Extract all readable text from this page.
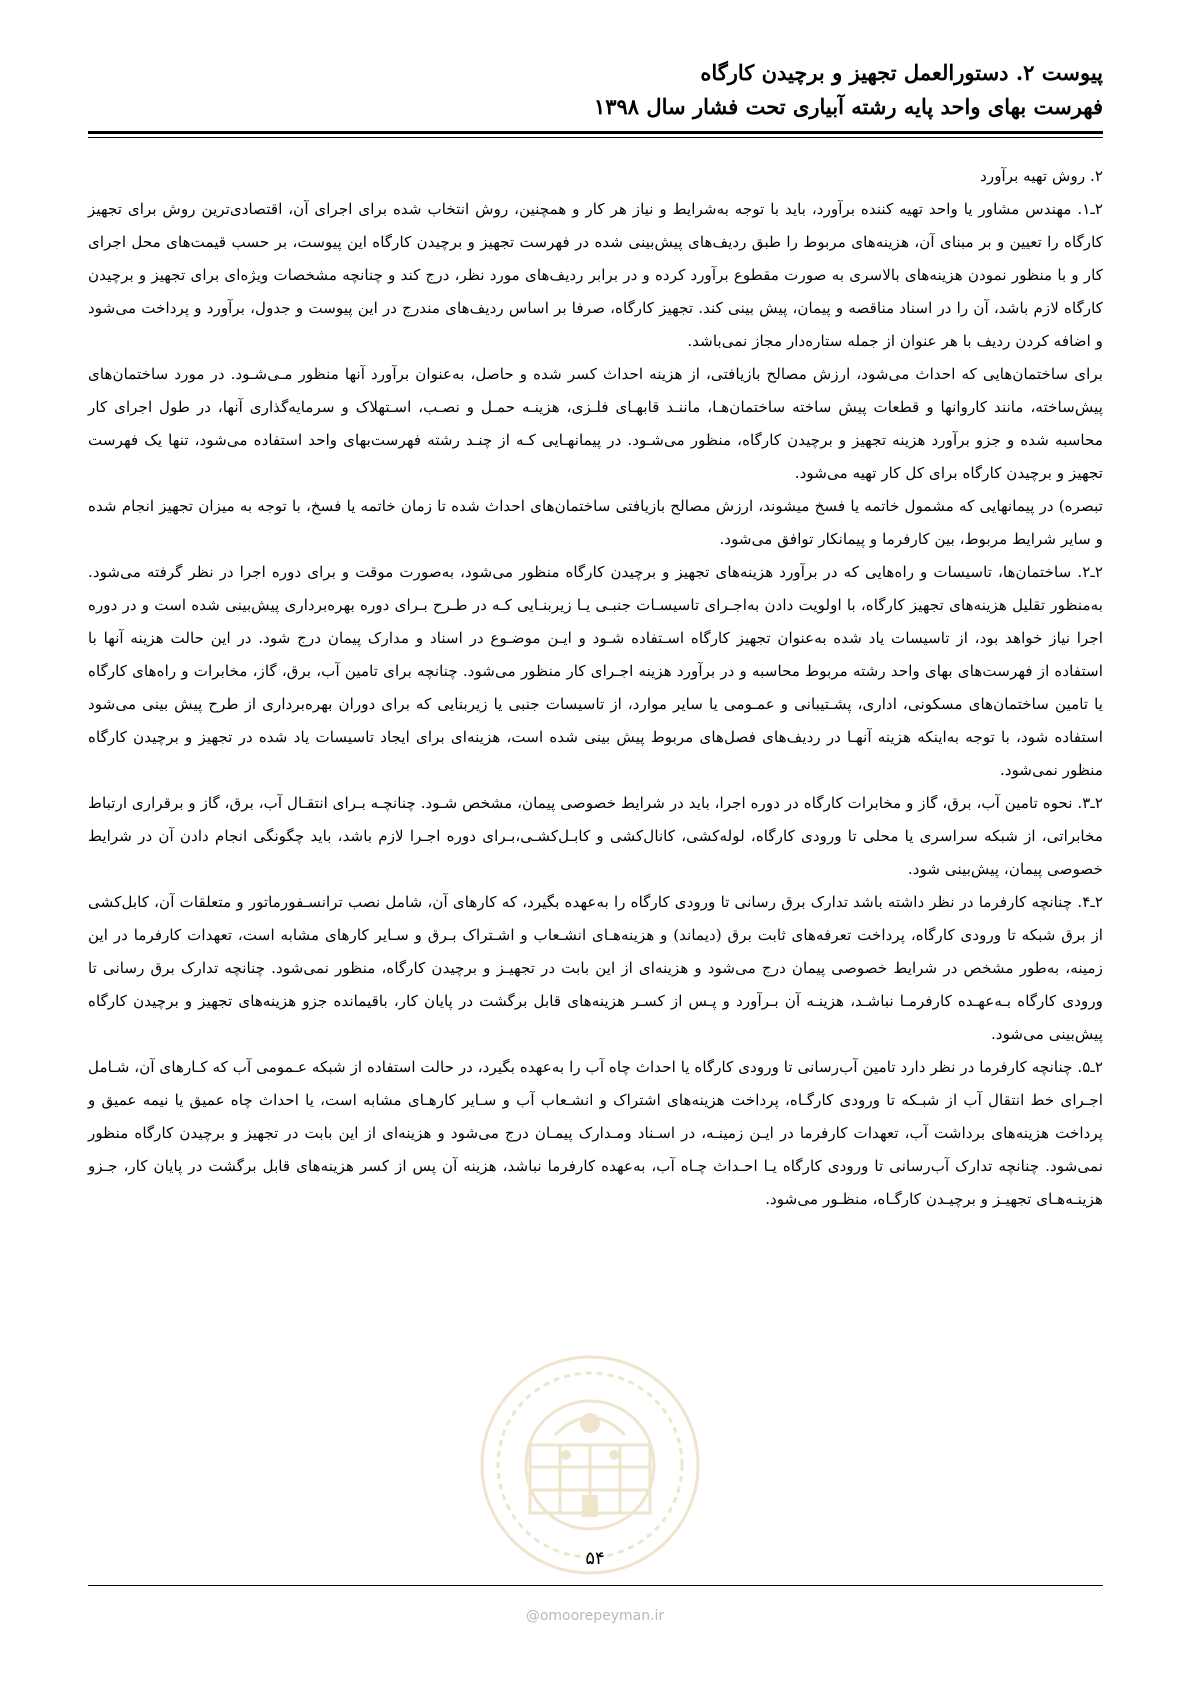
پیوست ۲. دستورالعمل تجهیز و برچیدن کارگاه
فهرست بهای واحد پایه رشته آبیاری تحت فشار سال ۱۳۹۸

۲. روش تهیه برآورد

۲ـ۱. مهندس مشاور یا واحد تهیه کننده برآورد، باید با توجه به‌شرایط و نیاز هر کار و همچنین، روش انتخاب شده برای اجرای آن، اقتصادی‌ترین روش برای تجهیز کارگاه را تعیین و بر مبنای آن، هزینه‌های مربوط را طبق ردیف‌های پیش‌بینی شده در فهرست تجهیز و برچیدن کارگاه این پیوست، بر حسب قیمت‌های محل اجرای کار و با منظور نمودن هزینه‌های بالاسری به صورت مقطوع برآورد کرده و در برابر ردیف‌های مورد نظر، درج کند و چنانچه مشخصات ویژه‌ای برای تجهیز و برچیدن کارگاه لازم باشد، آن را در اسناد مناقصه و پیمان، پیش بینی کند. تجهیز کارگاه، صرفا بر اساس ردیف‌های مندرج در این پیوست و جدول، برآورد و پرداخت می‌شود و اضافه کردن ردیف با هر عنوان از جمله ستاره‌دار مجاز نمی‌باشد.

برای ساختمان‌هایی که احداث می‌شود، ارزش مصالح بازیافتی، از هزینه احداث کسر شده و حاصل، به‌عنوان برآورد آنها منظور مـی‌شـود. در مورد ساختمان‌های پیش‌ساخته، مانند کاروانها و قطعات پیش ساخته ساختمان‌هـا، ماننـد قابهـای فلـزی، هزینـه حمـل و نصـب، اسـتهلاک و سرمایه‌گذاری آنها، در طول اجرای کار محاسبه شده و جزو برآورد هزینه تجهیز و برچیدن کارگاه، منظور می‌شـود. در پیمانهـایی کـه از چنـد رشته فهرست‌بهای واحد استفاده می‌شود، تنها یک فهرست تجهیز و برچیدن کارگاه برای کل کار تهیه می‌شود.

تبصره) در پیمانهایی که مشمول خاتمه یا فسخ میشوند، ارزش مصالح بازیافتی ساختمان‌های احداث شده تا زمان خاتمه یا فسخ، با توجه به میزان تجهیز انجام شده و سایر شرایط مربوط، بین کارفرما و پیمانکار توافق می‌شود.

۲ـ۲. ساختمان‌ها، تاسیسات و راه‌هایی که در برآورد هزینه‌های تجهیز و برچیدن کارگاه منظور می‌شود، به‌صورت موقت و برای دوره اجرا در نظر گرفته می‌شود. به‌منظور تقلیل هزینه‌های تجهیز کارگاه، با اولویت دادن به‌اجـرای تاسیسـات جنبـی یـا زیربنـایی کـه در طـرح بـرای دوره بهره‌برداری پیش‌بینی شده است و در دوره اجرا نیاز خواهد بود، از تاسیسات یاد شده به‌عنوان تجهیز کارگاه اسـتفاده شـود و ایـن موضـوع در اسناد و مدارک پیمان درج شود. در این حالت هزینه آنها با استفاده از فهرست‌های بهای واحد رشته مربوط محاسبه و در برآورد هزینه اجـرای کار منظور می‌شود. چنانچه برای تامین آب، برق، گاز، مخابرات و راه‌های کارگاه یا تامین ساختمان‌های مسکونی، اداری، پشـتیبانی و عمـومی یا سایر موارد، از تاسیسات جنبی یا زیربنایی که برای دوران بهره‌برداری از طرح پیش بینی می‌شود استفاده شود، با توجه به‌اینکه هزینه آنهـا در ردیف‌های فصل‌های مربوط پیش بینی شده است، هزینه‌ای برای ایجاد تاسیسات یاد شده در تجهیز و برچیدن کارگاه منظور نمی‌شود.

۲ـ۳. نحوه تامین آب، برق، گاز و مخابرات کارگاه در دوره اجرا، باید در شرایط خصوصی پیمان، مشخص شـود. چنانچـه بـرای انتقـال آب، برق، گاز و برقراری ارتباط مخابراتی، از شبکه سراسری یا محلی تا ورودی کارگاه، لوله‌کشی، کانال‌کشی و کابـل‌کشـی،بـرای دوره اجـرا لازم باشد، باید چگونگی انجام دادن آن در شرایط خصوصی پیمان، پیش‌بینی شود.

۲ـ۴. چنانچه کارفرما در نظر داشته باشد تدارک برق رسانی تا ورودی کارگاه را به‌عهده بگیرد، که کارهای آن، شامل نصب ترانسـفورماتور و متعلقات آن، کابل‌کشی از برق شبکه تا ورودی کارگاه، پرداخت تعرفه‌های ثابت برق (دیماند) و هزینه‌هـای انشـعاب و اشـتراک بـرق و سـایر کارهای مشابه است، تعهدات کارفرما در این زمینه، به‌طور مشخص در شرایط خصوصی پیمان درج می‌شود و هزینه‌ای از این بابت در تجهیـز و برچیدن کارگاه، منظور نمی‌شود. چنانچه تدارک برق رسانی تا ورودی کارگاه بـه‌عهـده کارفرمـا نباشـد، هزینـه آن بـرآورد و پـس از کسـر هزینه‌های قابل برگشت در پایان کار، باقیمانده جزو هزینه‌های تجهیز و برچیدن کارگاه پیش‌بینی می‌شود.

۲ـ۵. چنانچه کارفرما در نظر دارد تامین آب‌رسانی تا ورودی کارگاه یا احداث چاه آب را به‌عهده بگیرد، در حالت استفاده از شبکه عـمومی آب که کـارهای آن، شـامل اجـرای خط انتقال آب از شبـکه تا ورودی کارگـاه، پرداخت هزینه‌های اشتراک و انشـعاب آب و سـایر کارهـای مشابه است، یا احداث چاه عمیق یا نیمه عمیق و پرداخت هزینه‌های برداشت آب، تعهدات کارفرما در ایـن زمینـه، در اسـناد ومـدارک پیمـان درج می‌شود و هزینه‌ای از این بابت در تجهیز و برچیدن کارگاه منظور نمی‌شود. چنانچه تدارک آب‌رسانی تا ورودی کارگاه یـا احـداث چـاه آب، به‌عهده کارفرما نباشد، هزینه آن پس از کسر هزینه‌های قابل برگشت در پایان کار، جـزو هزینـه‌هـای تجهیـز و برچیـدن کارگـاه، منظـور می‌شود.

۵۴
@omoorepeyman.ir
